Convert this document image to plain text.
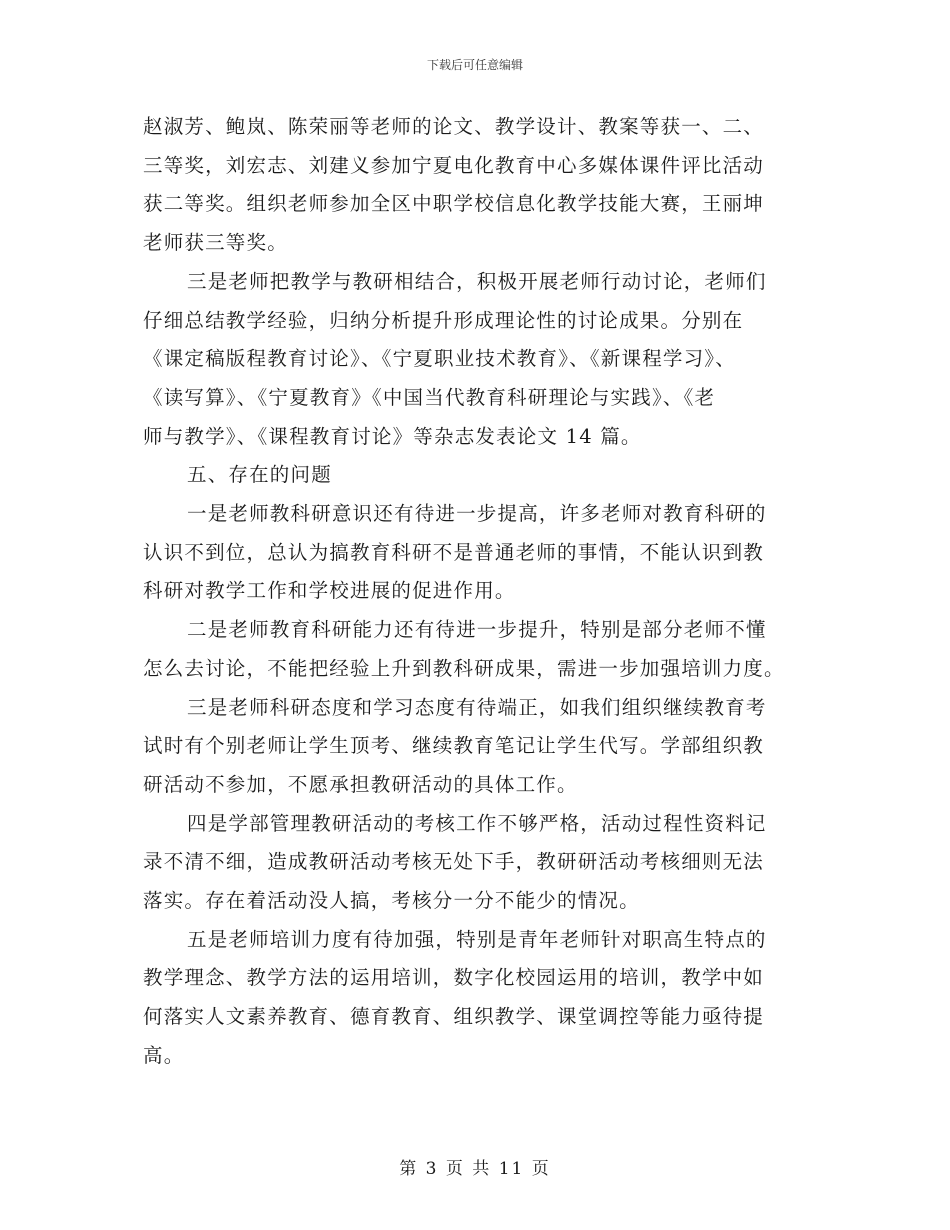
下载后可任意编辑
赵淑芳、鲍岚、陈荣丽等老师的论文、教学设计、教案等获一、二、
三等奖，刘宏志、刘建义参加宁夏电化教育中心多媒体课件评比活动
获二等奖。组织老师参加全区中职学校信息化教学技能大赛，王丽坤
老师获三等奖。
三是老师把教学与教研相结合，积极开展老师行动讨论，老师们
仔细总结教学经验，归纳分析提升形成理论性的讨论成果。分别在
《课定稿版程教育讨论》、《宁夏职业技术教育》、《新课程学习》、
《读写算》、《宁夏教育》《中国当代教育科研理论与实践》、《老
师与教学》、《课程教育讨论》等杂志发表论文 14 篇。
五、存在的问题
一是老师教科研意识还有待进一步提高，许多老师对教育科研的
认识不到位，总认为搞教育科研不是普通老师的事情，不能认识到教
科研对教学工作和学校进展的促进作用。
二是老师教育科研能力还有待进一步提升，特别是部分老师不懂
怎么去讨论，不能把经验上升到教科研成果，需进一步加强培训力度。
三是老师科研态度和学习态度有待端正，如我们组织继续教育考
试时有个别老师让学生顶考、继续教育笔记让学生代写。学部组织教
研活动不参加，不愿承担教研活动的具体工作。
四是学部管理教研活动的考核工作不够严格，活动过程性资料记
录不清不细，造成教研活动考核无处下手，教研研活动考核细则无法
落实。存在着活动没人搞，考核分一分不能少的情况。
五是老师培训力度有待加强，特别是青年老师针对职高生特点的
教学理念、教学方法的运用培训，数字化校园运用的培训，教学中如
何落实人文素养教育、德育教育、组织教学、课堂调控等能力亟待提
高。
第 3 页 共 11 页
